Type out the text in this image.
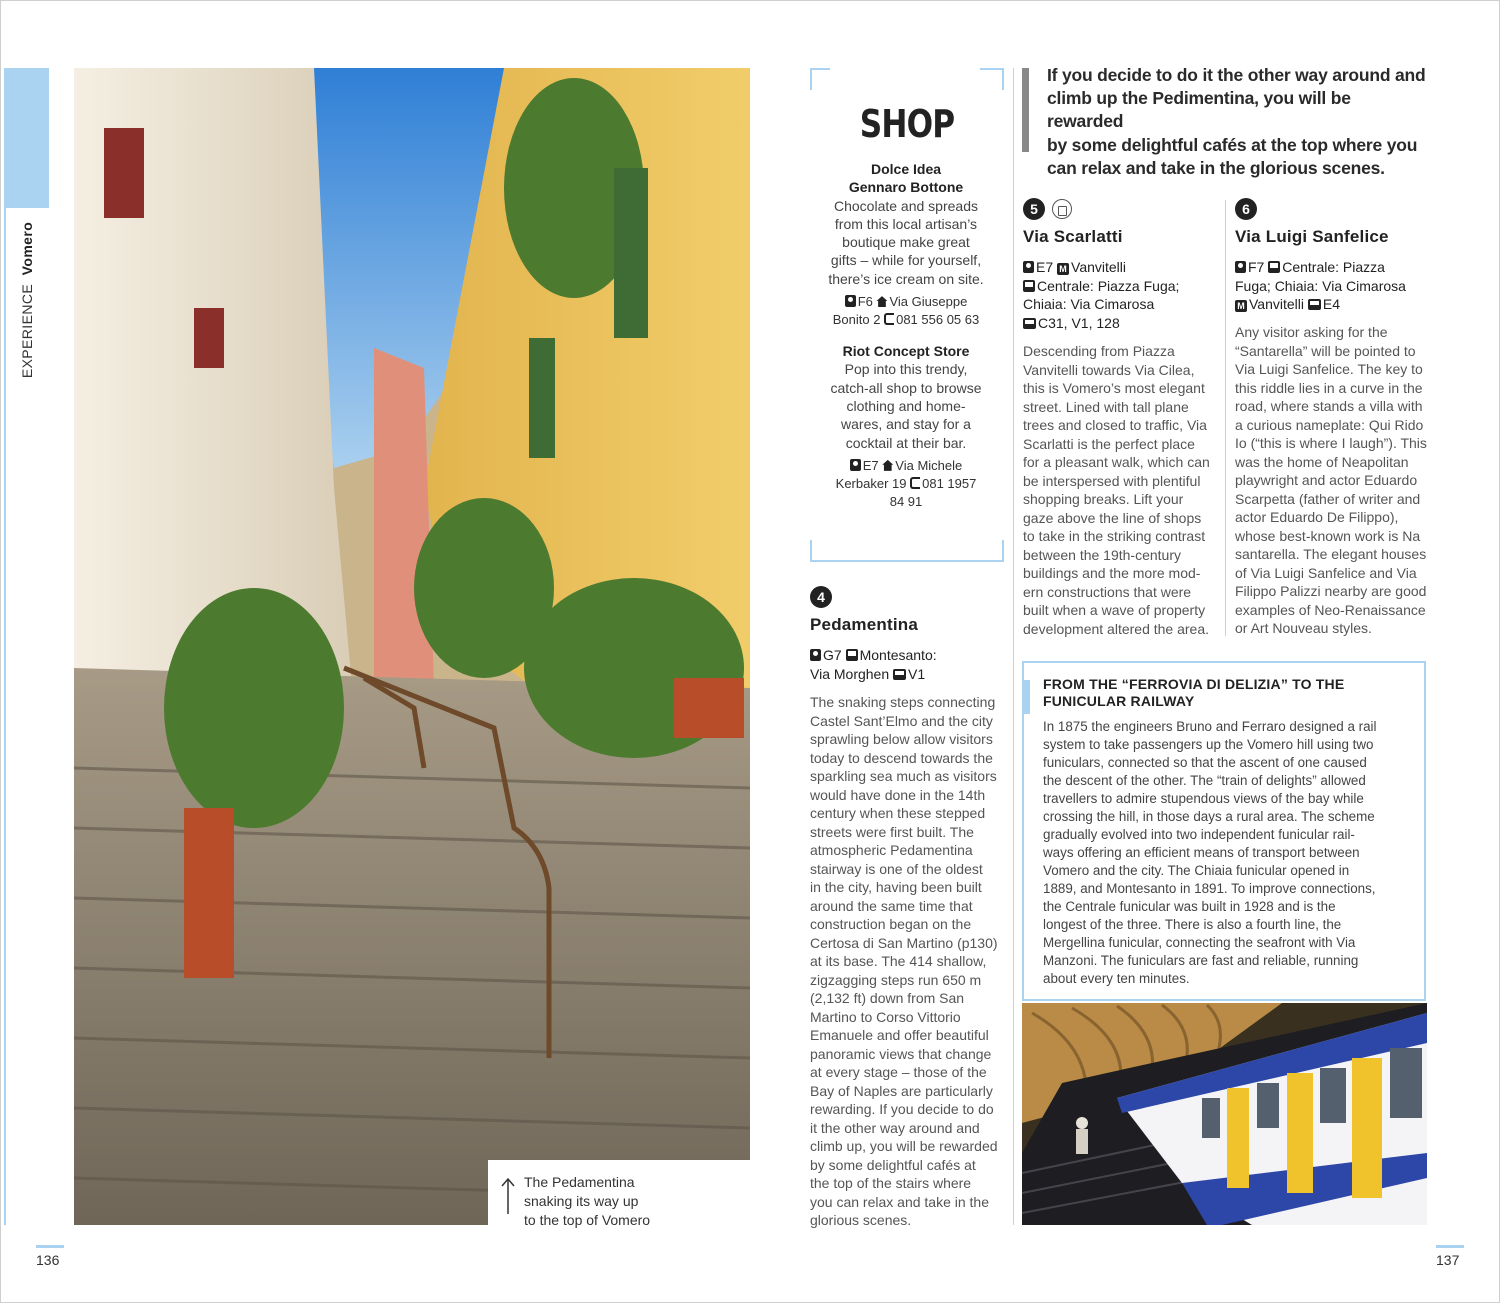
EXPERIENCE  Vomero
The Pedamentina
snaking its way up
to the top of Vomero
SHOP
Dolce Idea
Gennaro Bottone
Chocolate and spreads
from this local artisan’s
boutique make great
gifts – while for yourself,
there’s ice cream on site.
F6 Via Giuseppe
Bonito 2 081 556 05 63
Riot Concept Store
Pop into this trendy,
catch-all shop to browse
clothing and home-
wares, and stay for a
cocktail at their bar.
E7 Via Michele
Kerbaker 19 081 1957
84 91
4
Pedamentina
G7 Montesanto:
Via Morghen V1
The snaking steps connecting
Castel Sant’Elmo and the city
sprawling below allow visitors
today to descend towards the
sparkling sea much as visitors
would have done in the 14th
century when these stepped
streets were first built. The
atmospheric Pedamentina
stairway is one of the oldest
in the city, having been built
around the same time that
construction began on the
Certosa di San Martino (p130)
at its base. The 414 shallow,
zigzagging steps run 650 m
(2,132 ft) down from San
Martino to Corso Vittorio
Emanuele and offer beautiful
panoramic views that change
at every stage – those of the
Bay of Naples are particularly
rewarding. If you decide to do
it the other way around and
climb up, you will be rewarded
by some delightful cafés at
the top of the stairs where
you can relax and take in the
glorious scenes.
If you decide to do it the other way around and
climb up the Pedimentina, you will be rewarded
by some delightful cafés at the top where you
can relax and take in the glorious scenes.
5
Via Scarlatti
E7 M Vanvitelli
Centrale: Piazza Fuga;
Chiaia: Via Cimarosa
C31, V1, 128
Descending from Piazza
Vanvitelli towards Via Cilea,
this is Vomero’s most elegant
street. Lined with tall plane
trees and closed to traffic, Via
Scarlatti is the perfect place
for a pleasant walk, which can
be interspersed with plentiful
shopping breaks. Lift your
gaze above the line of shops
to take in the striking contrast
between the 19th-century
buildings and the more mod-
ern constructions that were
built when a wave of property
development altered the area.
6
Via Luigi Sanfelice
F7 Centrale: Piazza
Fuga; Chiaia: Via Cimarosa
M Vanvitelli E4
Any visitor asking for the
“Santarella” will be pointed to
Via Luigi Sanfelice. The key to
this riddle lies in a curve in the
road, where stands a villa with
a curious nameplate: Qui Rido
Io (“this is where I laugh”). This
was the home of Neapolitan
playwright and actor Eduardo
Scarpetta (father of writer and
actor Eduardo De Filippo),
whose best-known work is Na
santarella. The elegant houses
of Via Luigi Sanfelice and Via
Filippo Palizzi nearby are good
examples of Neo-Renaissance
or Art Nouveau styles.
FROM THE “FERROVIA DI DELIZIA” TO THE
FUNICULAR RAILWAY
In 1875 the engineers Bruno and Ferraro designed a rail
system to take passengers up the Vomero hill using two
funiculars, connected so that the ascent of one caused
the descent of the other. The “train of delights” allowed
travellers to admire stupendous views of the bay while
crossing the hill, in those days a rural area. The scheme
gradually evolved into two independent funicular rail-
ways offering an efficient means of transport between
Vomero and the city. The Chiaia funicular opened in
1889, and Montesanto in 1891. To improve connections,
the Centrale funicular was built in 1928 and is the
longest of the three. There is also a fourth line, the
Mergellina funicular, connecting the seafront with Via
Manzoni. The funiculars are fast and reliable, running
about every ten minutes.
136	137
